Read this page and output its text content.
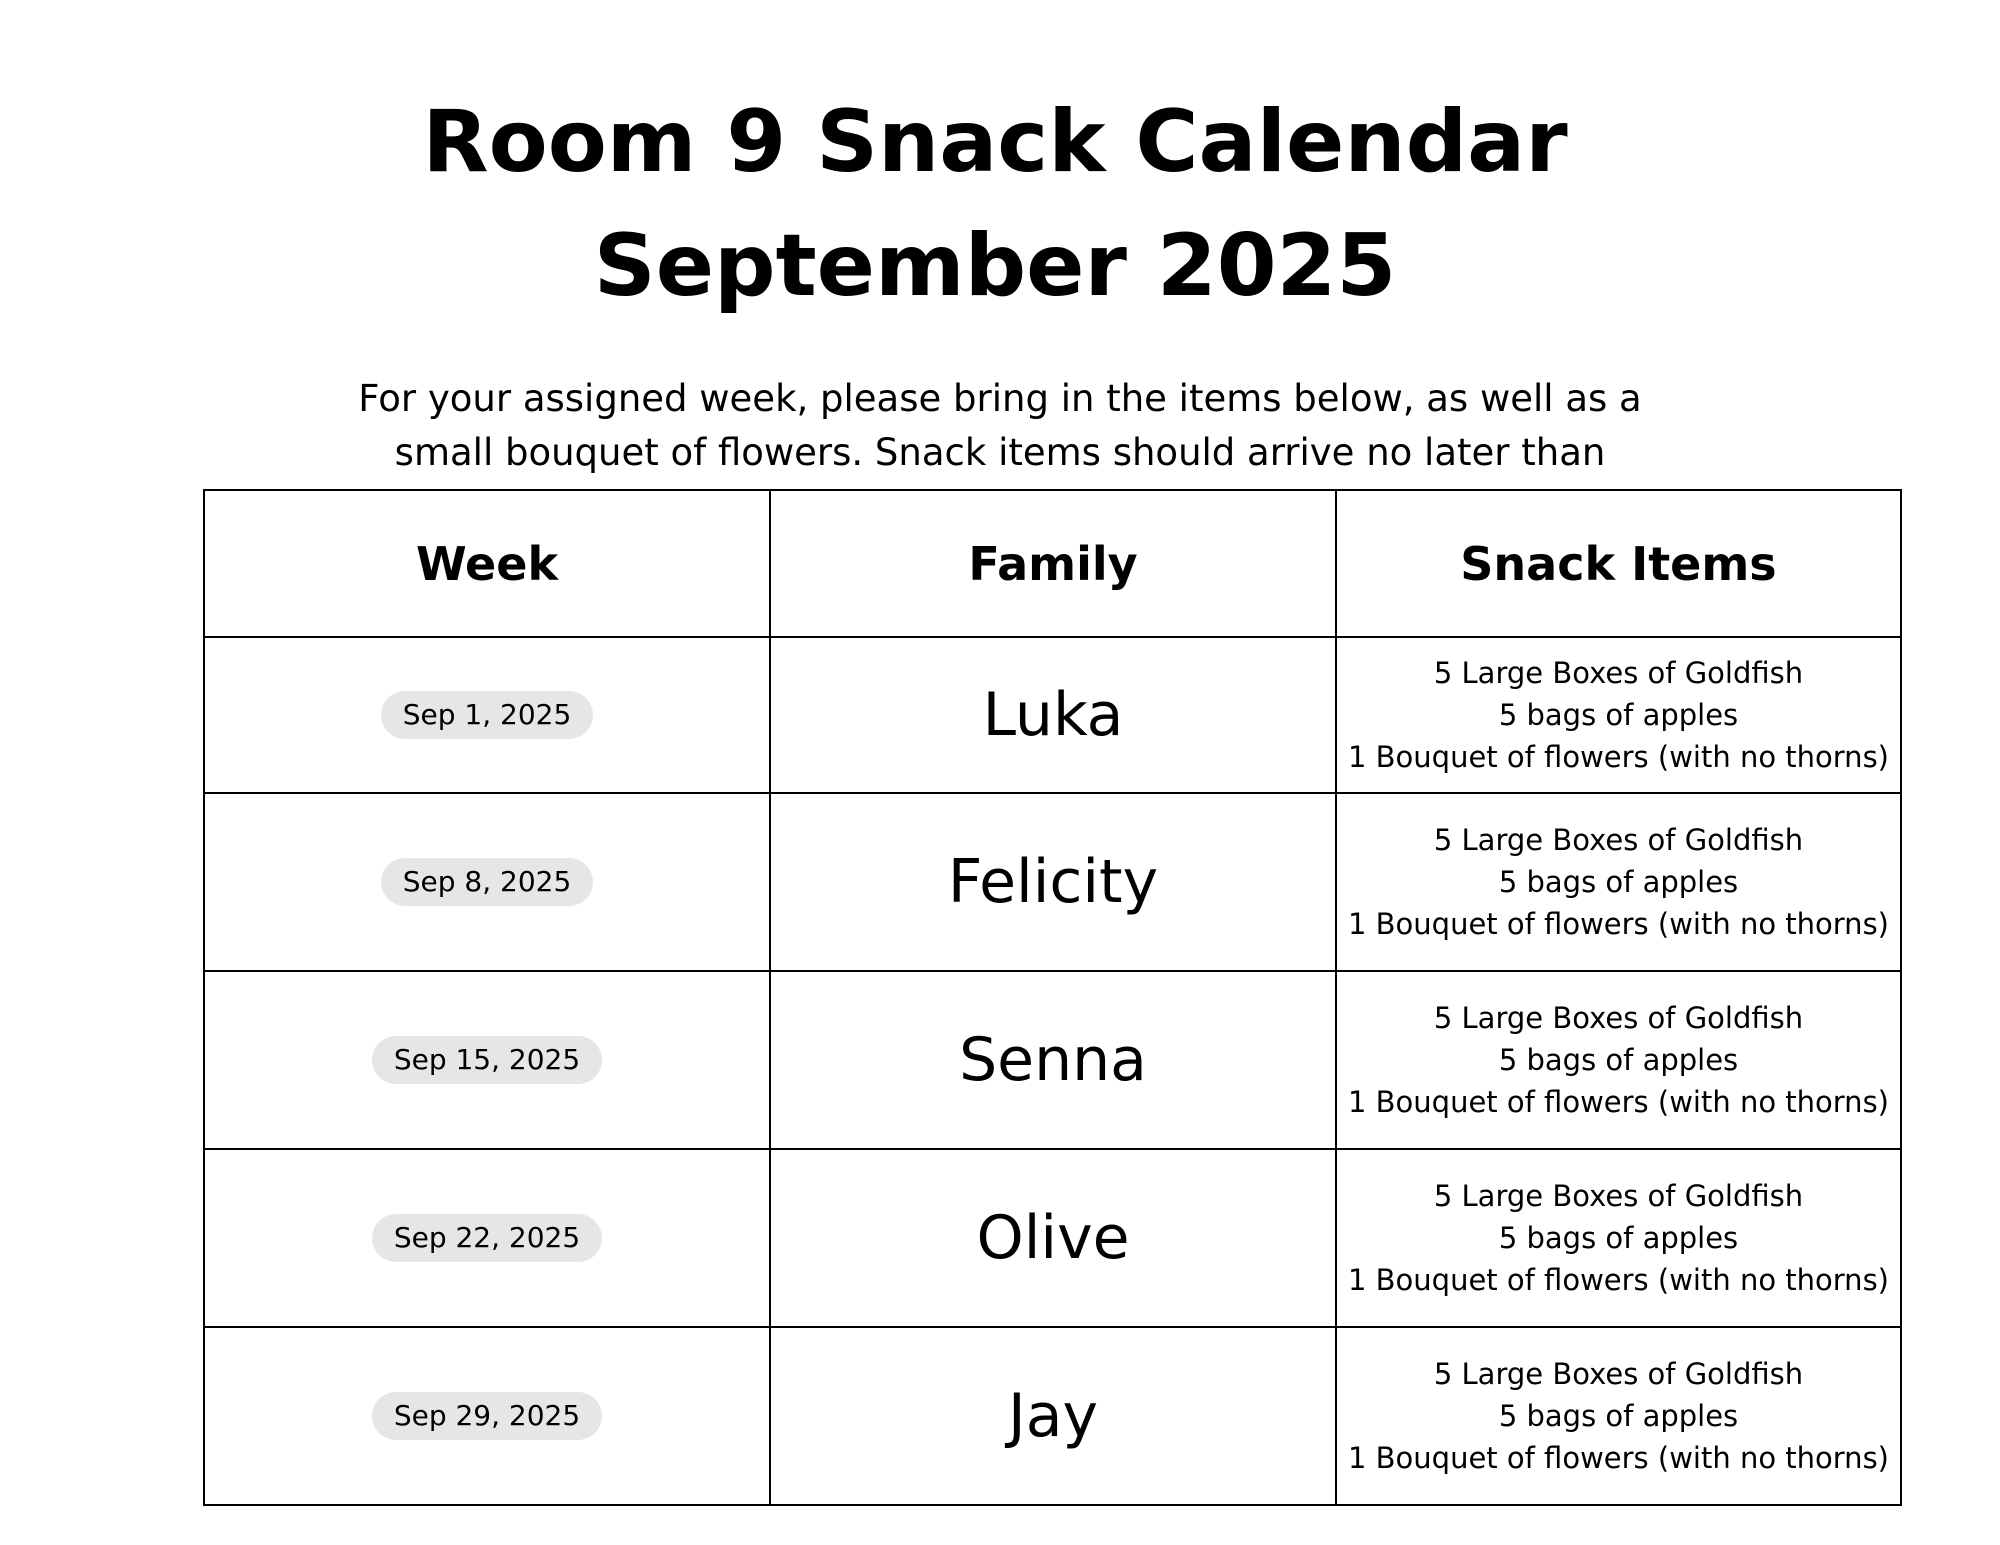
Room 9 Snack Calendar
September 2025

For your assigned week, please bring in the items below, as well as a small bouquet of flowers. Snack items should arrive no later than

Week	Family	Snack Items
Sep 1, 2025	Luka	5 Large Boxes of Goldfish
5 bags of apples
1 Bouquet of flowers (with no thorns)

Sep 8, 2025	Felicity	5 Large Boxes of Goldfish
5 bags of apples
1 Bouquet of flowers (with no thorns)

Sep 15, 2025	Senna	5 Large Boxes of Goldfish
5 bags of apples
1 Bouquet of flowers (with no thorns)

Sep 22, 2025	Olive	5 Large Boxes of Goldfish
5 bags of apples
1 Bouquet of flowers (with no thorns)

Sep 29, 2025	Jay	5 Large Boxes of Goldfish
5 bags of apples
1 Bouquet of flowers (with no thorns)
